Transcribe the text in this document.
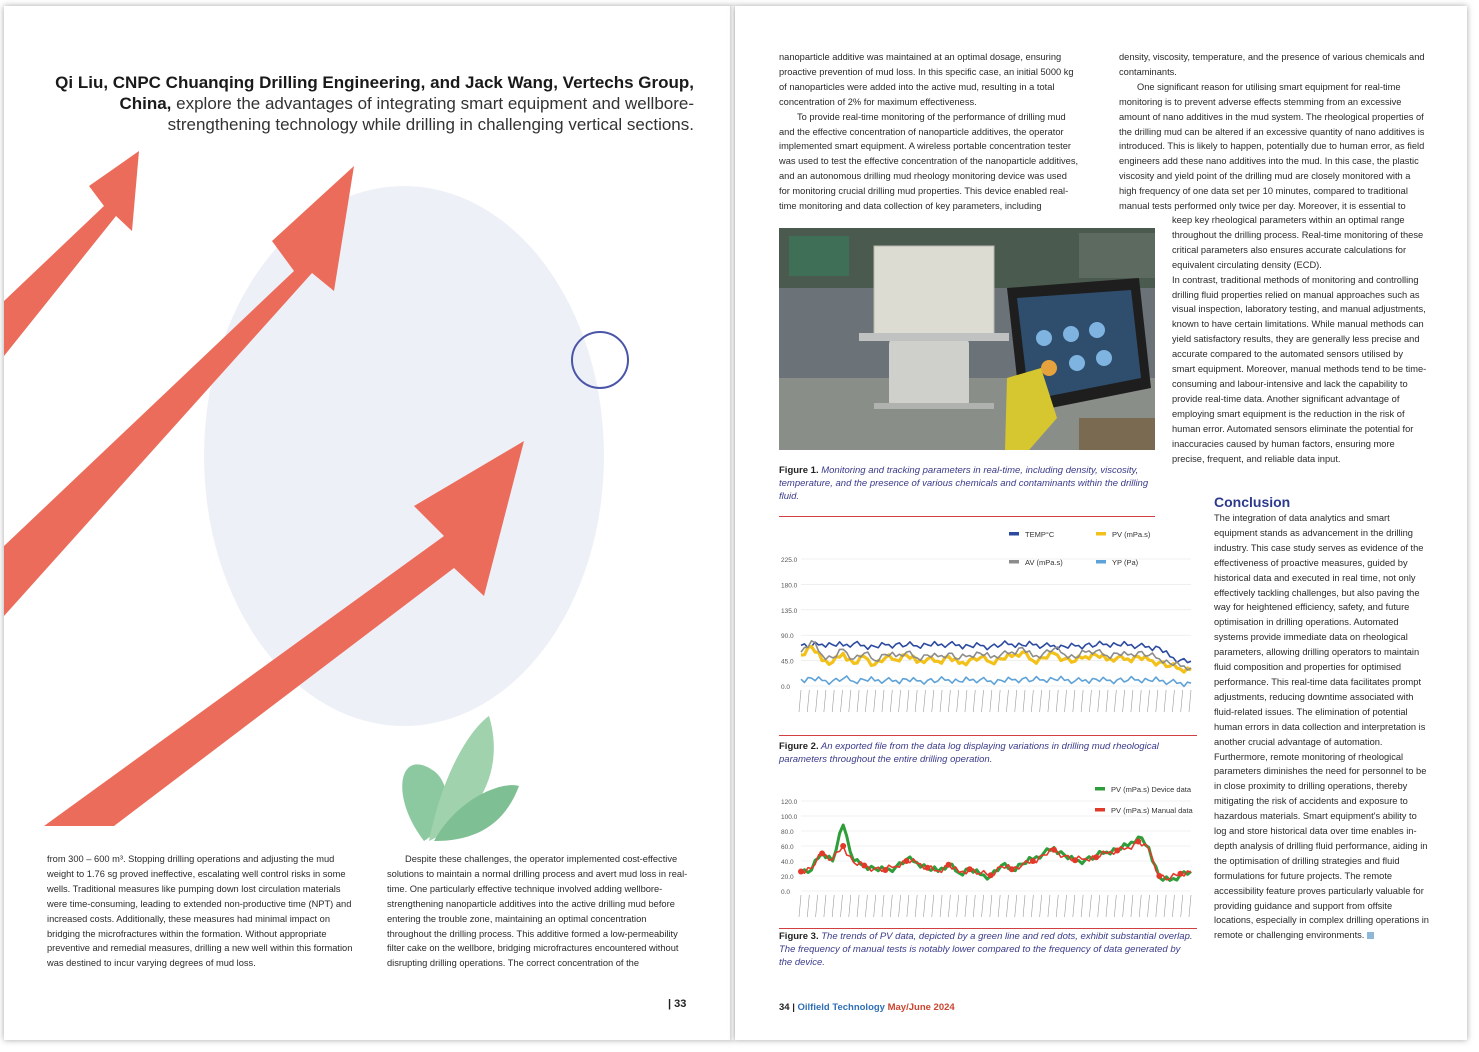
Qi Liu, CNPC Chuanqing Drilling Engineering, and Jack Wang, Vertechs Group, China, explore the advantages of integrating smart equipment and wellbore-strengthening technology while drilling in challenging vertical sections.

from 300 – 600 m³. Stopping drilling operations and adjusting the mud weight to 1.76 sg proved ineffective, escalating well control risks in some wells. Traditional measures like pumping down lost circulation materials were time-consuming, leading to extended non-productive time (NPT) and increased costs. Additionally, these measures had minimal impact on bridging the microfractures within the formation. Without appropriate preventive and remedial measures, drilling a new well within this formation was destined to incur varying degrees of mud loss.

Despite these challenges, the operator implemented cost-effective solutions to maintain a normal drilling process and avert mud loss in real-time. One particularly effective technique involved adding wellbore-strengthening nanoparticle additives into the active drilling mud before entering the trouble zone, maintaining an optimal concentration throughout the drilling process. This additive formed a low-permeability filter cake on the wellbore, bridging microfractures encountered without disrupting drilling operations. The correct concentration of the

| 33

nanoparticle additive was maintained at an optimal dosage, ensuring proactive prevention of mud loss. In this specific case, an initial 5000 kg of nanoparticles were added into the active mud, resulting in a total concentration of 2% for maximum effectiveness.

To provide real-time monitoring of the performance of drilling mud and the effective concentration of nanoparticle additives, the operator implemented smart equipment. A wireless portable concentration tester was used to test the effective concentration of the nanoparticle additives, and an autonomous drilling mud rheology monitoring device was used for monitoring crucial drilling mud properties. This device enabled real-time monitoring and data collection of key parameters, including

density, viscosity, temperature, and the presence of various chemicals and contaminants.

One significant reason for utilising smart equipment for real-time monitoring is to prevent adverse effects stemming from an excessive amount of nano additives in the mud system. The rheological properties of the drilling mud can be altered if an excessive quantity of nano additives is introduced. This is likely to happen, potentially due to human error, as field engineers add these nano additives into the mud. In this case, the plastic viscosity and yield point of the drilling mud are closely monitored with a high frequency of one data set per 10 minutes, compared to traditional manual tests performed only twice per day. Moreover, it is essential to

keep key rheological parameters within an optimal range throughout the drilling process. Real-time monitoring of these critical parameters also ensures accurate calculations for equivalent circulating density (ECD).

In contrast, traditional methods of monitoring and controlling drilling fluid properties relied on manual approaches such as visual inspection, laboratory testing, and manual adjustments, known to have certain limitations. While manual methods can yield satisfactory results, they are generally less precise and accurate compared to the automated sensors utilised by smart equipment. Moreover, manual methods tend to be time-consuming and labour-intensive and lack the capability to provide real-time data. Another significant advantage of employing smart equipment is the reduction in the risk of human error. Automated sensors eliminate the potential for inaccuracies caused by human factors, ensuring more precise, frequent, and reliable data input.

Conclusion
The integration of data analytics and smart equipment stands as advancement in the drilling industry. This case study serves as evidence of the effectiveness of proactive measures, guided by historical data and executed in real time, not only effectively tackling challenges, but also paving the way for heightened efficiency, safety, and future optimisation in drilling operations. Automated systems provide immediate data on rheological parameters, allowing drilling operators to maintain fluid composition and properties for optimised performance. This real-time data facilitates prompt adjustments, reducing downtime associated with fluid-related issues. The elimination of potential human errors in data collection and interpretation is another crucial advantage of automation. Furthermore, remote monitoring of rheological parameters diminishes the need for personnel to be in close proximity to drilling operations, thereby mitigating the risk of accidents and exposure to hazardous materials. Smart equipment's ability to log and store historical data over time enables in-depth analysis of drilling fluid performance, aiding in the optimisation of drilling strategies and fluid formulations for future projects. The remote accessibility feature proves particularly valuable for providing guidance and support from offsite locations, especially in complex drilling operations in remote or challenging environments.
Figure 1. Monitoring and tracking parameters in real-time, including density, viscosity, temperature, and the presence of various chemicals and contaminants within the drilling fluid.
225.0
180.0
135.0
90.0
45.0
0.0
TEMP°C	PV (mPa.s)
AV (mPa.s)	YP (Pa)
Figure 2. An exported file from the data log displaying variations in drilling mud rheological parameters throughout the entire drilling operation.
120.0
100.0
80.0
60.0
40.0
20.0
0.0
PV (mPa.s) Device data
PV (mPa.s) Manual data
Figure 3. The trends of PV data, depicted by a green line and red dots, exhibit substantial overlap. The frequency of manual tests is notably lower compared to the frequency of data generated by the device.
34 | Oilfield Technology May/June 2024
